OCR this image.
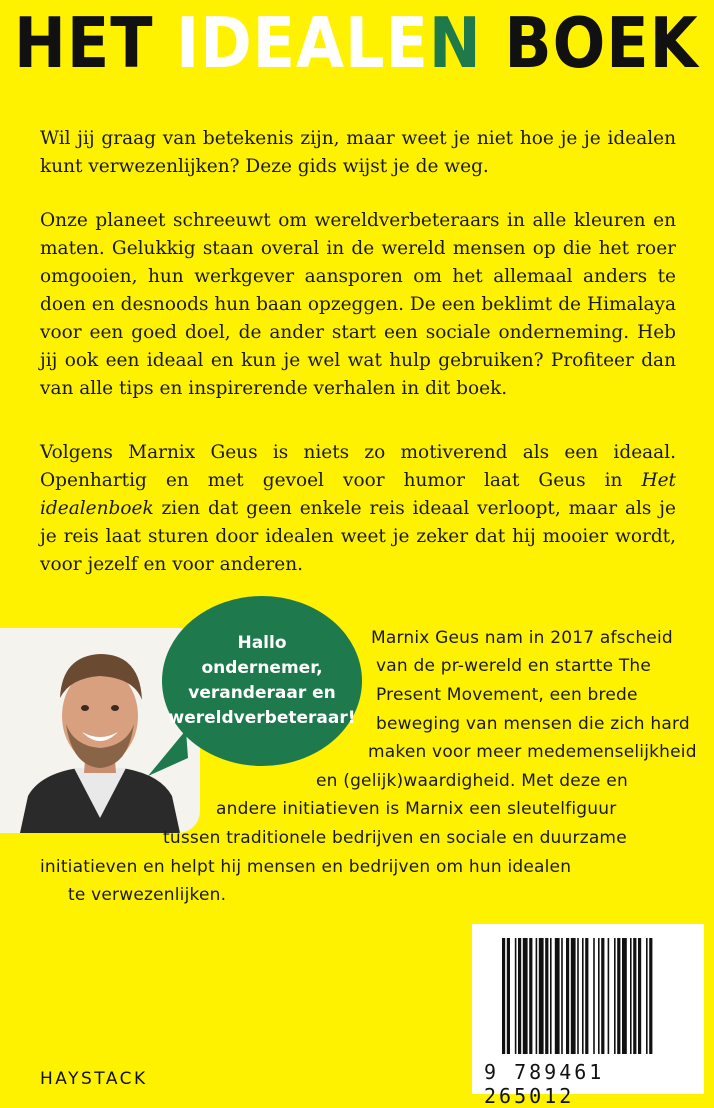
HET IDEALEN BOEK

Wil jij graag van betekenis zijn, maar weet je niet hoe je je idealen kunt verwezenlijken? Deze gids wijst je de weg.

Onze planeet schreeuwt om wereldverbeteraars in alle kleuren en maten. Gelukkig staan overal in de wereld mensen op die het roer omgooien, hun werkgever aansporen om het allemaal anders te doen en desnoods hun baan opzeggen. De een beklimt de Himalaya voor een goed doel, de ander start een sociale onderneming. Heb jij ook een ideaal en kun je wel wat hulp gebruiken? Profiteer dan van alle tips en inspirerende verhalen in dit boek.

Volgens Marnix Geus is niets zo motiverend als een ideaal. Openhartig en met gevoel voor humor laat Geus in Het idealenboek zien dat geen enkele reis ideaal verloopt, maar als je je reis laat sturen door idealen weet je zeker dat hij mooier wordt, voor jezelf en voor anderen.

Hallo
ondernemer,
veranderaar en
wereldverbeteraar!

Marnix Geus nam in 2017 afscheid

van de pr-wereld en startte The

Present Movement, een brede

beweging van mensen die zich hard

maken voor meer medemenselijkheid

en (gelijk)waardigheid. Met deze en

andere initiatieven is Marnix een sleutelfiguur

tussen traditionele bedrijven en sociale en duurzame

initiatieven en helpt hij mensen en bedrijven om hun idealen

te verwezenlijken.

HAYSTACK	9 789461 265012
